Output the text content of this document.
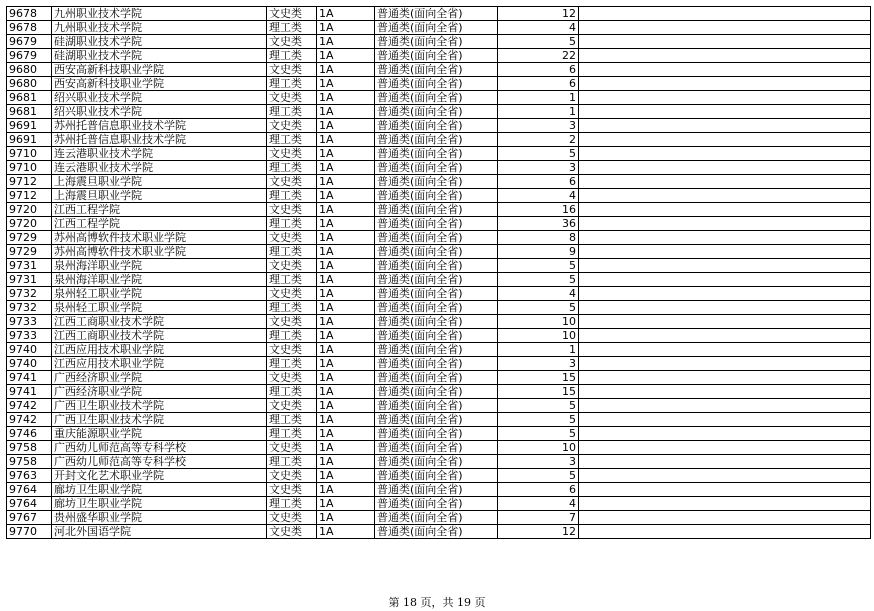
9678	九州职业技术学院	文史类	1A	普通类(面向全省)	12	
9678	九州职业技术学院	理工类	1A	普通类(面向全省)	4	
9679	硅湖职业技术学院	文史类	1A	普通类(面向全省)	5	
9679	硅湖职业技术学院	理工类	1A	普通类(面向全省)	22	
9680	西安高新科技职业学院	文史类	1A	普通类(面向全省)	6	
9680	西安高新科技职业学院	理工类	1A	普通类(面向全省)	6	
9681	绍兴职业技术学院	文史类	1A	普通类(面向全省)	1	
9681	绍兴职业技术学院	理工类	1A	普通类(面向全省)	1	
9691	苏州托普信息职业技术学院	文史类	1A	普通类(面向全省)	3	
9691	苏州托普信息职业技术学院	理工类	1A	普通类(面向全省)	2	
9710	连云港职业技术学院	文史类	1A	普通类(面向全省)	5	
9710	连云港职业技术学院	理工类	1A	普通类(面向全省)	3	
9712	上海震旦职业学院	文史类	1A	普通类(面向全省)	6	
9712	上海震旦职业学院	理工类	1A	普通类(面向全省)	4	
9720	江西工程学院	文史类	1A	普通类(面向全省)	16	
9720	江西工程学院	理工类	1A	普通类(面向全省)	36	
9729	苏州高博软件技术职业学院	文史类	1A	普通类(面向全省)	8	
9729	苏州高博软件技术职业学院	理工类	1A	普通类(面向全省)	9	
9731	泉州海洋职业学院	文史类	1A	普通类(面向全省)	5	
9731	泉州海洋职业学院	理工类	1A	普通类(面向全省)	5	
9732	泉州轻工职业学院	文史类	1A	普通类(面向全省)	4	
9732	泉州轻工职业学院	理工类	1A	普通类(面向全省)	5	
9733	江西工商职业技术学院	文史类	1A	普通类(面向全省)	10	
9733	江西工商职业技术学院	理工类	1A	普通类(面向全省)	10	
9740	江西应用技术职业学院	文史类	1A	普通类(面向全省)	1	
9740	江西应用技术职业学院	理工类	1A	普通类(面向全省)	3	
9741	广西经济职业学院	文史类	1A	普通类(面向全省)	15	
9741	广西经济职业学院	理工类	1A	普通类(面向全省)	15	
9742	广西卫生职业技术学院	文史类	1A	普通类(面向全省)	5	
9742	广西卫生职业技术学院	理工类	1A	普通类(面向全省)	5	
9746	重庆能源职业学院	理工类	1A	普通类(面向全省)	5	
9758	广西幼儿师范高等专科学校	文史类	1A	普通类(面向全省)	10	
9758	广西幼儿师范高等专科学校	理工类	1A	普通类(面向全省)	3	
9763	开封文化艺术职业学院	文史类	1A	普通类(面向全省)	5	
9764	廊坊卫生职业学院	文史类	1A	普通类(面向全省)	6	
9764	廊坊卫生职业学院	理工类	1A	普通类(面向全省)	4	
9767	贵州盛华职业学院	文史类	1A	普通类(面向全省)	7	
9770	河北外国语学院	文史类	1A	普通类(面向全省)	12	
第 18 页，共 19 页
